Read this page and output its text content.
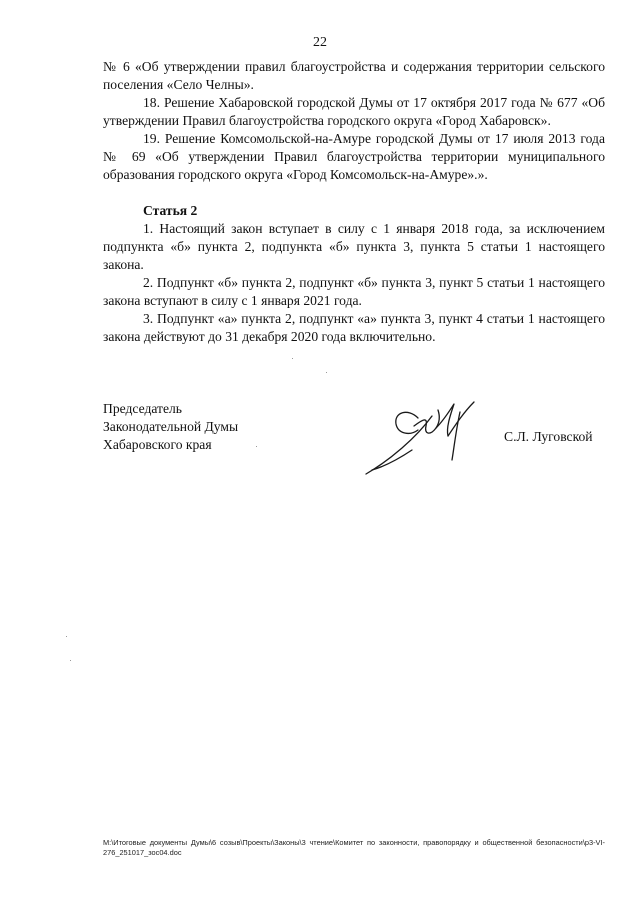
22

№ 6 «Об утверждении правил благоустройства и содержания территории сельского поселения «Село Челны».

18. Решение Хабаровской городской Думы от 17 октября 2017 года № 677 «Об утверждении Правил благоустройства городского округа «Город Хабаровск».

19. Решение Комсомольской-на-Амуре городской Думы от 17 июля 2013 года № 69 «Об утверждении Правил благоустройства территории муниципального образования городского округа «Город Комсомольск-на-Амуре».».

Статья 2

1. Настоящий закон вступает в силу с 1 января 2018 года, за исключением подпункта «б» пункта 2, подпункта «б» пункта 3, пункта 5 статьи 1 настоящего закона.

2. Подпункт «б» пункта 2, подпункт «б» пункта 3, пункт 5 статьи 1 настоящего закона вступают в силу с 1 января 2021 года.

3. Подпункт «а» пункта 2, подпункт «а» пункта 3, пункт 4 статьи 1 настоящего закона действуют до 31 декабря 2020 года включительно.

Председатель
Законодательной Думы
Хабаровского края
С.Л. Луговской
M:\Итоговые документы Думы\6 созыв\Проекты\Законы\3 чтение\Комитет по законности, правопорядку и общественной безопасности\р3-VI-
276_251017_зос04.doc
